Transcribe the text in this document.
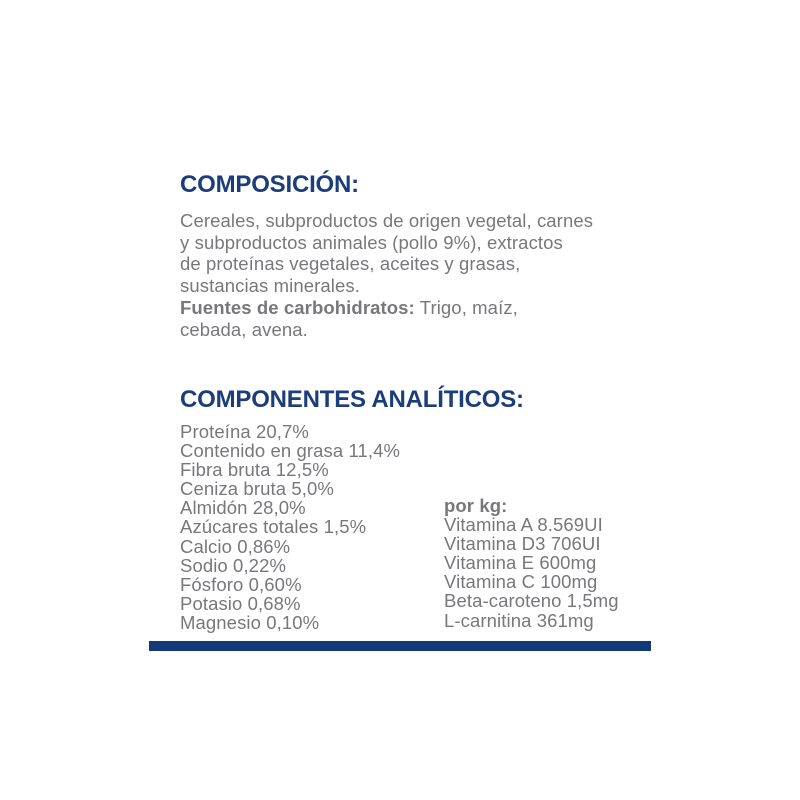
COMPOSICIÓN:
Cereales, subproductos de origen vegetal, carnes
y subproductos animales (pollo 9%), extractos
de proteínas vegetales, aceites y grasas,
sustancias minerales.
Fuentes de carbohidratos: Trigo, maíz,
cebada, avena.
COMPONENTES ANALÍTICOS:
Proteína 20,7%
Contenido en grasa 11,4%
Fibra bruta 12,5%
Ceniza bruta 5,0%
Almidón 28,0%
Azúcares totales 1,5%
Calcio 0,86%
Sodio 0,22%
Fósforo 0,60%
Potasio 0,68%
Magnesio 0,10%
por kg:
Vitamina A 8.569UI
Vitamina D3 706UI
Vitamina E 600mg
Vitamina C 100mg
Beta-caroteno 1,5mg
L-carnitina 361mg
